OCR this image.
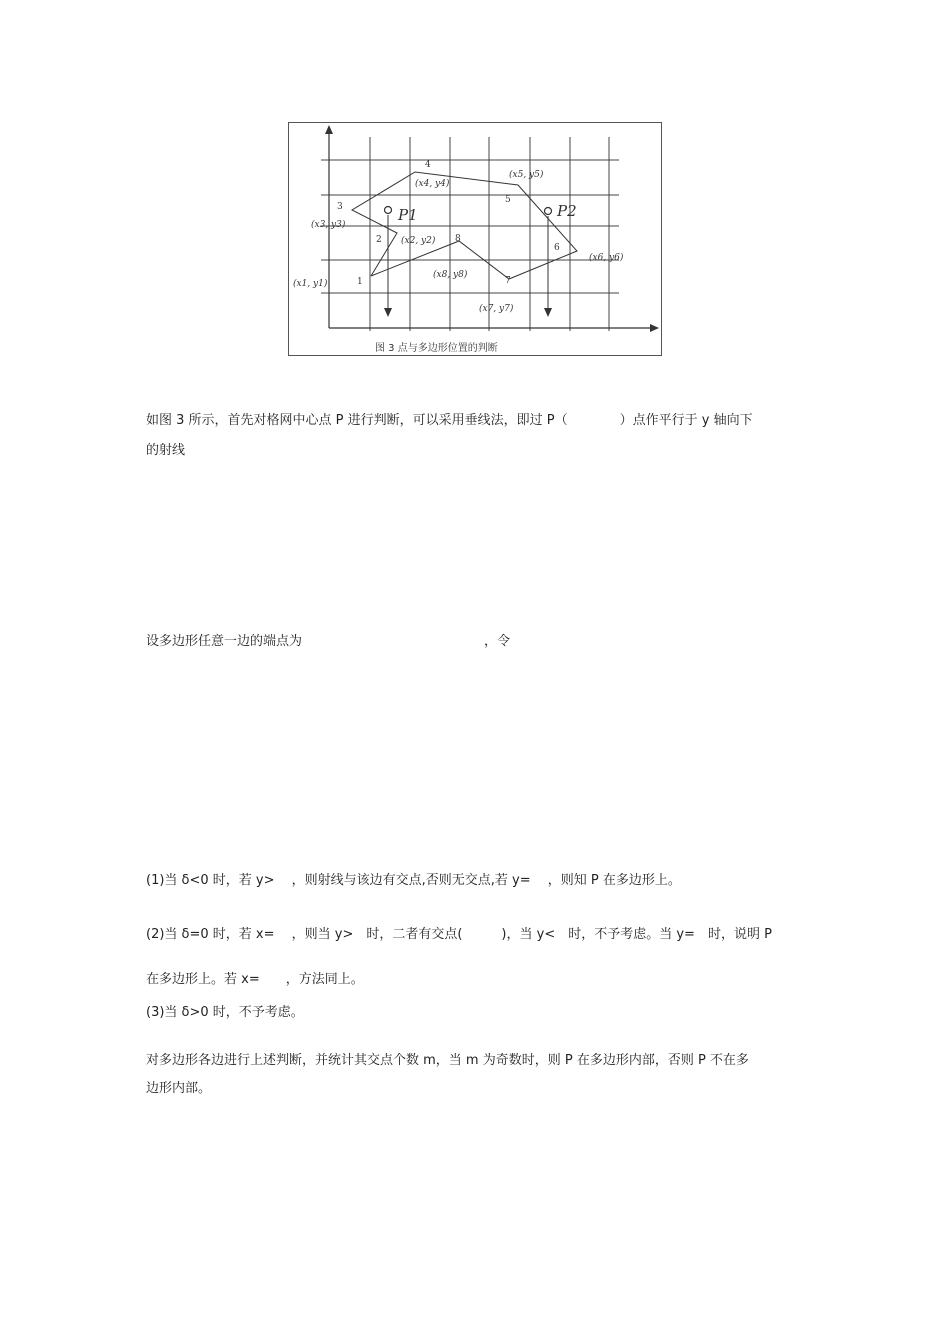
1
2
3
4
5
6
7
8
(x1, y1)
(x2, y2)
(x3, y3)
(x4, y4)
(x5, y5)
(x6, y6)
(x7, y7)
(x8, y8)
P1	P2
图 3 点与多边形位置的判断

如图 3 所示，首先对格网中心点 P 进行判断，可以采用垂线法，即过 P（　　　　）点作平行于 y 轴向下

的射线

设多边形任意一边的端点为　　　　　　　　　　　　　　，令

(1)当 δ<0 时，若 y>　 ，则射线与该边有交点,否则无交点,若 y=　 ，则知 P 在多边形上。

(2)当 δ=0 时，若 x=　 ，则当 y>　时，二者有交点(　　　)，当 y<　时，不予考虑。当 y=　时，说明 P

在多边形上。若 x=　　，方法同上。

(3)当 δ>0 时，不予考虑。

对多边形各边进行上述判断，并统计其交点个数 m，当 m 为奇数时，则 P 在多边形内部，否则 P 不在多

边形内部。
